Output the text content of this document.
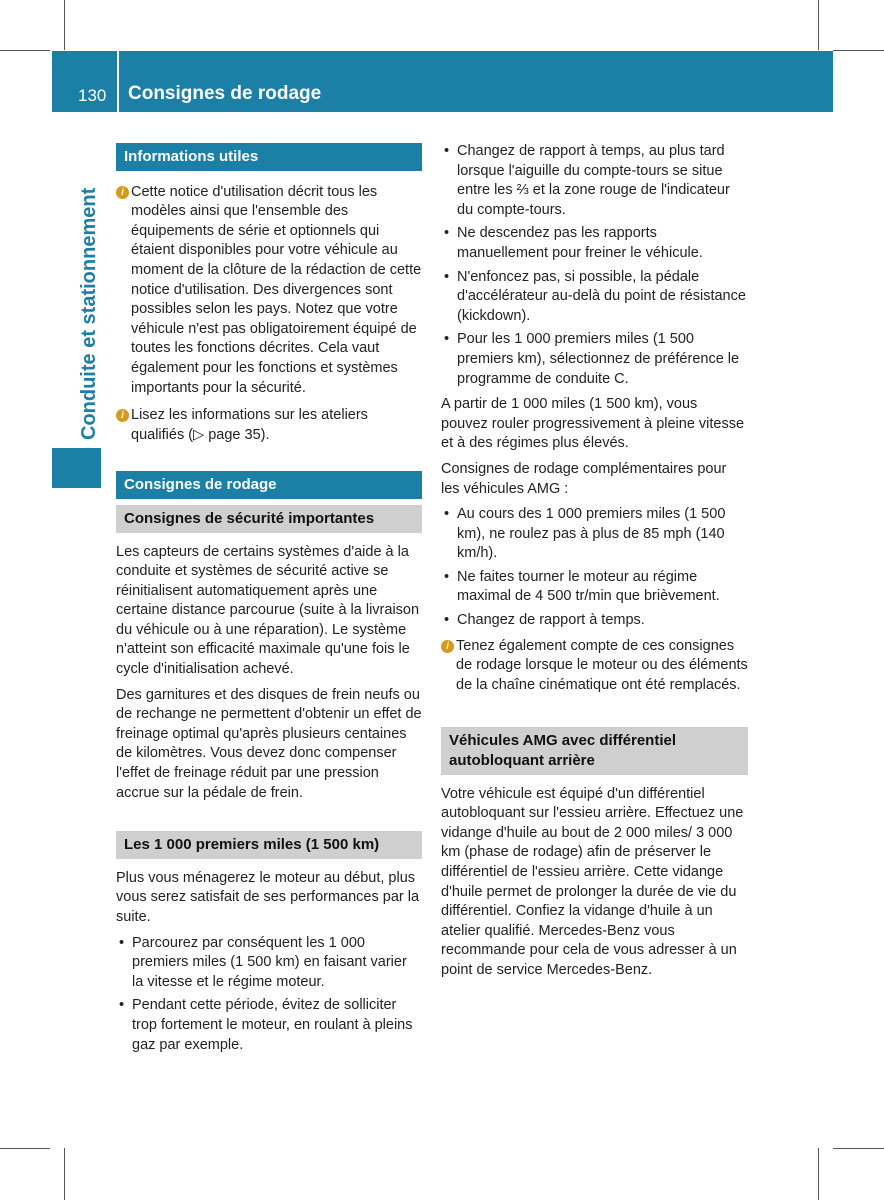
130 Consignes de rodage
Conduite et stationnement
Informations utiles
i Cette notice d'utilisation décrit tous les modèles ainsi que l'ensemble des équipements de série et optionnels qui étaient disponibles pour votre véhicule au moment de la clôture de la rédaction de cette notice d'utilisation. Des divergences sont possibles selon les pays. Notez que votre véhicule n'est pas obligatoirement équipé de toutes les fonctions décrites. Cela vaut également pour les fonctions et systèmes importants pour la sécurité.
i Lisez les informations sur les ateliers qualifiés (▷ page 35).
Consignes de rodage
Consignes de sécurité importantes

Les capteurs de certains systèmes d'aide à la conduite et systèmes de sécurité active se réinitialisent automatiquement après une certaine distance parcourue (suite à la livraison du véhicule ou à une réparation). Le système n'atteint son efficacité maximale qu'une fois le cycle d'initialisation achevé.

Des garnitures et des disques de frein neufs ou de rechange ne permettent d'obtenir un effet de freinage optimal qu'après plusieurs centaines de kilomètres. Vous devez donc compenser l'effet de freinage réduit par une pression accrue sur la pédale de frein.

Les 1 000 premiers miles (1 500 km)

Plus vous ménagerez le moteur au début, plus vous serez satisfait de ses performances par la suite.

• Parcourez par conséquent les 1 000 premiers miles (1 500 km) en faisant varier la vitesse et le régime moteur.
• Pendant cette période, évitez de solliciter trop fortement le moteur, en roulant à pleins gaz par exemple.
• Changez de rapport à temps, au plus tard lorsque l'aiguille du compte-tours se situe entre les ⅔ et la zone rouge de l'indicateur du compte-tours.
• Ne descendez pas les rapports manuellement pour freiner le véhicule.
• N'enfoncez pas, si possible, la pédale d'accélérateur au-delà du point de résistance (kickdown).
• Pour les 1 000 premiers miles (1 500 premiers km), sélectionnez de préférence le programme de conduite C.

A partir de 1 000 miles (1 500 km), vous pouvez rouler progressivement à pleine vitesse et à des régimes plus élevés.

Consignes de rodage complémentaires pour les véhicules AMG :

• Au cours des 1 000 premiers miles (1 500 km), ne roulez pas à plus de 85 mph (140 km/h).
• Ne faites tourner le moteur au régime maximal de 4 500 tr/min que brièvement.
• Changez de rapport à temps.
i Tenez également compte de ces consignes de rodage lorsque le moteur ou des éléments de la chaîne cinématique ont été remplacés.
Véhicules AMG avec différentiel autobloquant arrière

Votre véhicule est équipé d'un différentiel autobloquant sur l'essieu arrière. Effectuez une vidange d'huile au bout de 2 000 miles/ 3 000 km (phase de rodage) afin de préserver le différentiel de l'essieu arrière. Cette vidange d'huile permet de prolonger la durée de vie du différentiel. Confiez la vidange d'huile à un atelier qualifié. Mercedes-Benz vous recommande pour cela de vous adresser à un point de service Mercedes-Benz.
